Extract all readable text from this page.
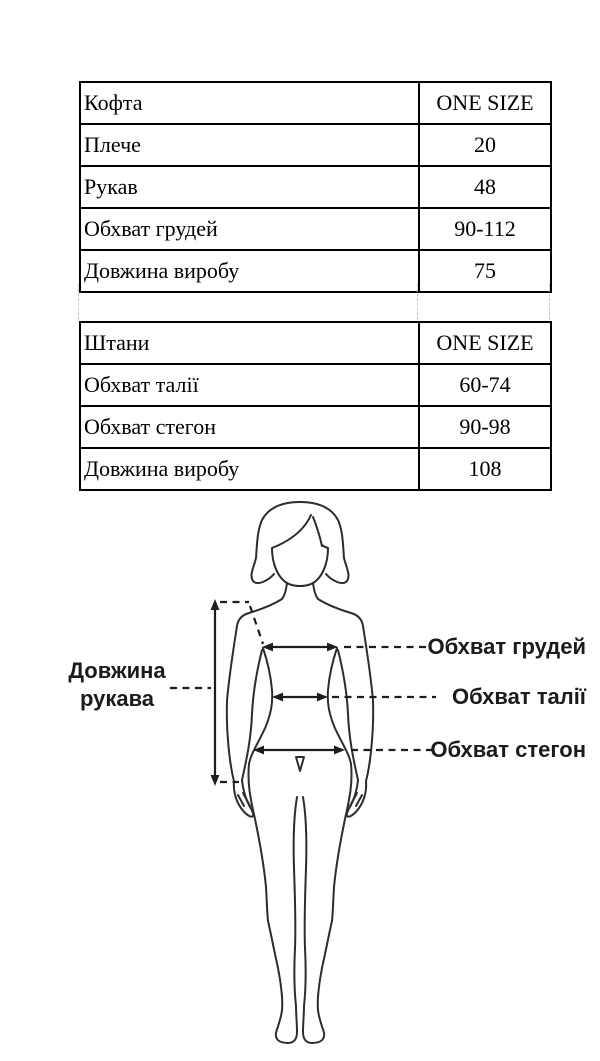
Кофта	ONE SIZE
Плече	20
Рукав	48
Обхват грудей	90-112
Довжина виробу	75
Штани	ONE SIZE
Обхват талії	60-74
Обхват стегон	90-98
Довжина виробу	108
Довжина рукава
Обхват грудей
Обхват талії
Обхват стегон
